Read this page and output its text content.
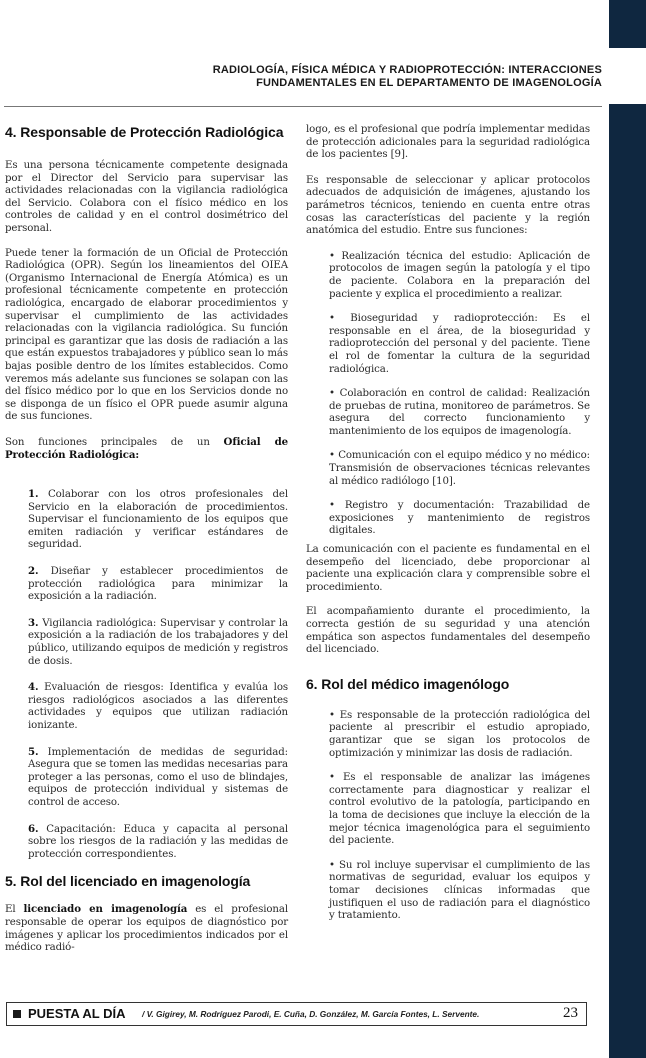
RADIOLOGÍA, FÍSICA MÉDICA Y RADIOPROTECCIÓN: INTERACCIONES
FUNDAMENTALES EN EL DEPARTAMENTO DE IMAGENOLOGÍA

4. Responsable de Protección Radiológica

Es una persona técnicamente competente designada por el Director del Servicio para supervisar las actividades relacionadas con la vigilancia radiológica del Servicio. Colabora con el físico médico en los controles de calidad y en el control dosimétrico del personal.

Puede tener la formación de un Oficial de Protección Radiológica (OPR). Según los lineamientos del OIEA (Organismo Internacional de Energía Atómica) es un profesional técnicamente competente en protección radiológica, encargado de elaborar procedimientos y supervisar el cumplimiento de las actividades relacionadas con la vigilancia radiológica. Su función principal es garantizar que las dosis de radiación a las que están expuestos trabajadores y público sean lo más bajas posible dentro de los límites establecidos. Como veremos más adelante sus funciones se solapan con las del físico médico por lo que en los Servicios donde no se disponga de un físico el OPR puede asumir alguna de sus funciones.

Son funciones principales de un Oficial de Protección Radiológica:

1. Colaborar con los otros profesionales del Servicio en la elaboración de procedimientos. Supervisar el funcionamiento de los equipos que emiten radiación y verificar estándares de seguridad.

2. Diseñar y establecer procedimientos de protección radiológica para minimizar la exposición a la radiación.

3. Vigilancia radiológica: Supervisar y controlar la exposición a la radiación de los trabajadores y del público, utilizando equipos de medición y registros de dosis.

4. Evaluación de riesgos: Identifica y evalúa los riesgos radiológicos asociados a las diferentes actividades y equipos que utilizan radiación ionizante.

5. Implementación de medidas de seguridad: Asegura que se tomen las medidas necesarias para proteger a las personas, como el uso de blindajes, equipos de protección individual y sistemas de control de acceso.

6. Capacitación: Educa y capacita al personal sobre los riesgos de la radiación y las medidas de protección correspondientes.

5. Rol del licenciado en imagenología

El licenciado en imagenología es el profesional responsable de operar los equipos de diagnóstico por imágenes y aplicar los procedimientos indicados por el médico radió-

logo, es el profesional que podría implementar medidas de protección adicionales para la seguridad radiológica de los pacientes [9].

Es responsable de seleccionar y aplicar protocolos adecuados de adquisición de imágenes, ajustando los parámetros técnicos, teniendo en cuenta entre otras cosas las características del paciente y la región anatómica del estudio. Entre sus funciones:

• Realización técnica del estudio: Aplicación de protocolos de imagen según la patología y el tipo de paciente. Colabora en la preparación del paciente y explica el procedimiento a realizar.

• Bioseguridad y radioprotección: Es el responsable en el área, de la bioseguridad y radioprotección del personal y del paciente. Tiene el rol de fomentar la cultura de la seguridad radiológica.

• Colaboración en control de calidad: Realización de pruebas de rutina, monitoreo de parámetros. Se asegura del correcto funcionamiento y mantenimiento de los equipos de imagenología.

• Comunicación con el equipo médico y no médico: Transmisión de observaciones técnicas relevantes al médico radiólogo [10].

• Registro y documentación: Trazabilidad de exposiciones y mantenimiento de registros digitales.

La comunicación con el paciente es fundamental en el desempeño del licenciado, debe proporcionar al paciente una explicación clara y comprensible sobre el procedimiento.

El acompañamiento durante el procedimiento, la correcta gestión de su seguridad y una atención empática son aspectos fundamentales del desempeño del licenciado.

6. Rol del médico imagenólogo

• Es responsable de la protección radiológica del paciente al prescribir el estudio apropiado, garantizar que se sigan los protocolos de optimización y minimizar las dosis de radiación.

• Es el responsable de analizar las imágenes correctamente para diagnosticar y realizar el control evolutivo de la patología, participando en la toma de decisiones que incluye la elección de la mejor técnica imagenológica para el seguimiento del paciente.

• Su rol incluye supervisar el cumplimiento de las normativas de seguridad, evaluar los equipos y tomar decisiones clínicas informadas que justifiquen el uso de radiación para el diagnóstico y tratamiento.

PUESTA AL DÍA / V. Gigirey, M. Rodríguez Parodi, E. Cuña, D. González, M. García Fontes, L. Servente.	23
